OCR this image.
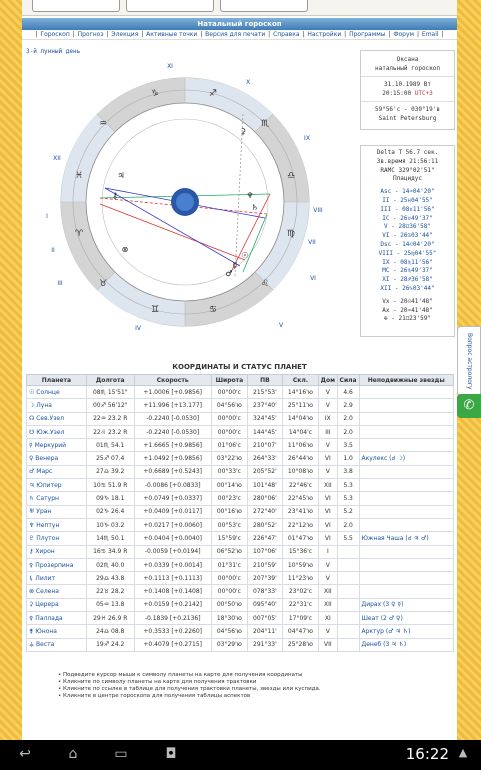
Натальный гороскоп
| Гороскоп | Прогноз | Элекция | Активные точки | Версия для печати | Справка | Настройки | Программы | Форум | Email |
3-й лунный день
XI
X
IX
VIII
VII
VI
V
IV
III
II
I
XII
♑	♐
♏
♎
♍
♌
♋
♊
♉
♈
♓
♒
♆
♄
☉
☿
♂
♃
⚷
⊗
⚳
Оксана
натальный гороскоп
31.10.1989 Вт
20:15:00 UTC+3
59°56'с - 030°19'в
Saint Petersburg
Delta T 56.7 сек.
Зв.время 21:56:11
RAMC 329°02'51"
Плацидус
Asc - 14♒04'20"
II - 25♓04'55"
III - 08♉11'56"
IC - 26♉49'37"
V - 28♊36'58"
VI - 26♋03'44"
Dsc - 14♌04'20"
VIII - 25♍04'55"
IX - 08♏11'56"
MC - 26♏49'37"
XI - 28♐36'58"
XII - 26♑03'44"
Vx - 20♌41'48"
Ax - 20♒41'48"
⊕ - 21♊23'59"
КООРДИНАТЫ И СТАТУС ПЛАНЕТ
Планета	Долгота	Скорость	Широта	ПВ	Скл.	Дом	Сила	Неподвижные звезды
☉ Солнце	08♏ 15'51"	+1.0006 [+0.9856]	00°00'с	215°53'	14°16'ю	V	4.6	
☽ Луна	00♐ 56'12"	+11.996 [+13.177]	04°56'ю	237°40'	25°11'ю	V	2.9	
☊ Сев.Узел	22♒ 23.2 R	-0.2240 [-0.0530]	00°00'с	324°45'	14°04'ю	IX	2.0	
☋ Юж.Узел	22♌ 23.2 R	-0.2240 [-0.0530]	00°00'с	144°45'	14°04'с	III	2.0	
☿ Меркурий	01♏ 54.1	+1.6665 [+0.9856]	01°06'с	210°07'	11°06'ю	V	3.5	
♀ Венера	25♐ 07.4	+1.0492 [+0.9856]	03°22'ю	264°33'	26°44'ю	VI	1.0	Акулекс (☌ ☽)
♂ Марс	27♎ 39.2	+0.6689 [+0.5243]	00°33'с	205°52'	10°08'ю	V	3.8	
♃ Юпитер	10♋ 51.9 R	-0.0086 [+0.0833]	00°14'ю	101°48'	22°46'с	XII	5.3	
♄ Сатурн	09♑ 18.1	+0.0749 [+0.0337]	00°23'с	280°06'	22°45'ю	VI	5.3	
♅ Уран	02♑ 26.4	+0.0409 [+0.0117]	00°16'ю	272°40'	23°41'ю	VI	5.2	
♆ Нептун	10♑ 03.2	+0.0217 [+0.0060]	00°53'с	280°52'	22°12'ю	VI	2.0	
♇ Плутон	14♏ 50.1	+0.0404 [+0.0040]	15°59'с	226°47'	01°47'ю	VI	5.5	Южная Чаша (☌ ♃ ♂)
⚷ Хирон	16♋ 34.9 R	-0.0059 [+0.0194]	06°52'ю	107°06'	15°36'с	I		
⚴ Прозерпина	02♏ 40.0	+0.0339 [+0.0014]	01°31'с	210°59'	10°59'ю	V		
⚸ Лилит	29♎ 43.8	+0.1113 [+0.1113]	00°00'с	207°39'	11°23'ю	V		
⊗ Селена	22♉ 28.2	+0.1408 [+0.1408]	00°00'с	078°33'	23°02'с	XII		
⚳ Церера	05♒ 13.8	+0.0159 [+0.2142]	00°50'ю	095°40'	22°31'с	XII		Дирах (3 ♀ ☿)
⚴ Паллада	29♓ 26.9 R	-0.1839 [+0.2136]	18°30'ю	007°05'	17°09'с	XI		Шеат (2 ♂ ♀)
⚵ Юнона	24♎ 08.8	+0.3533 [+0.2260]	04°56'ю	204°11'	04°47'ю	V		Арктур (♂ ♃ ♄)
⚶ Веста	19♐ 24.2	+0.4079 [+0.2715]	03°29'ю	291°33'	25°28'ю	VII		Денеб (3 ♃ ♄)
• Подведите курсор мыши к символу планеты на карте для получения координаты
• Кликните по символу планеты на карте для получения трактовки
• Кликните по ссылке в таблице для получения трактовки планеты, звезды или куспида.
• Кликните в центре гороскопа для получения таблицы аспектов
Вопрос астрологу
✆
↩	⌂	▭	◘	16:22 ▲
